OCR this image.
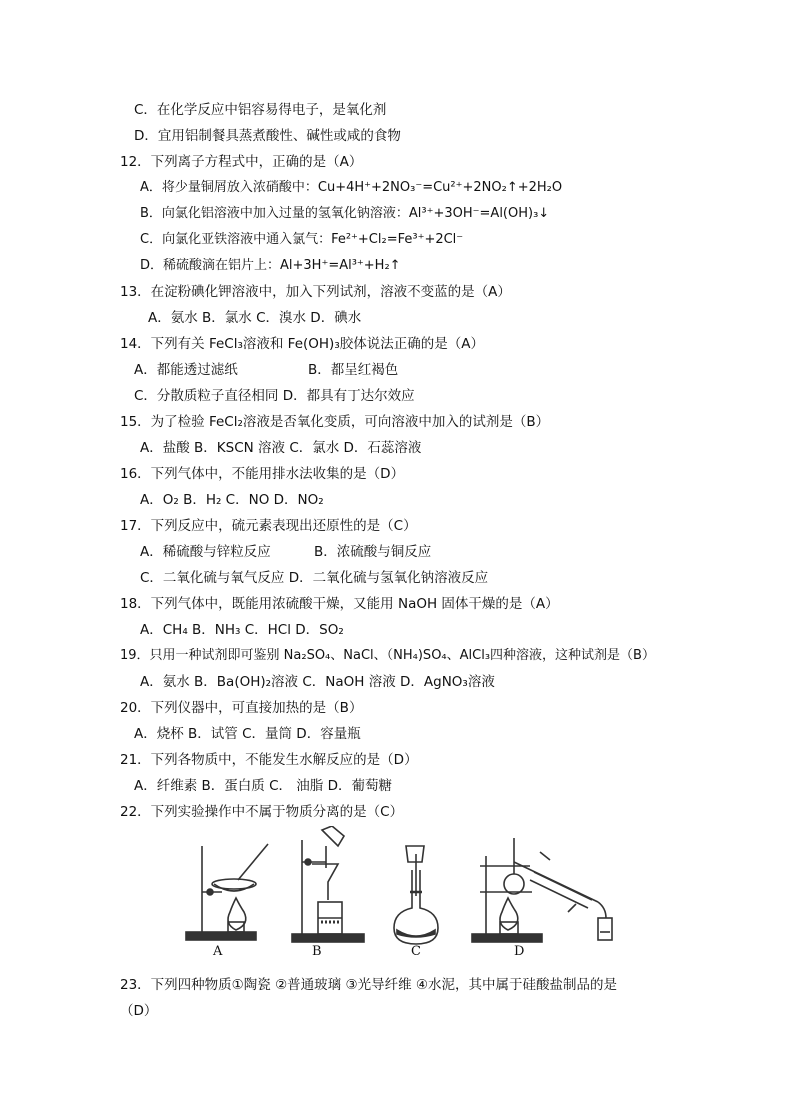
C．在化学反应中铝容易得电子，是氧化剂
D．宜用铝制餐具蒸煮酸性、碱性或咸的食物
12．下列离子方程式中，正确的是（A）
A．将少量铜屑放入浓硝酸中：Cu+4H⁺+2NO₃⁻=Cu²⁺+2NO₂↑+2H₂O
B．向氯化铝溶液中加入过量的氢氧化钠溶液：Al³⁺+3OH⁻=Al(OH)₃↓
C．向氯化亚铁溶液中通入氯气：Fe²⁺+Cl₂=Fe³⁺+2Cl⁻
D．稀硫酸滴在铝片上：Al+3H⁺=Al³⁺+H₂↑
13．在淀粉碘化钾溶液中，加入下列试剂，溶液不变蓝的是（A）
A．氨水 B．氯水 C．溴水 D．碘水
14．下列有关 FeCl₃溶液和 Fe(OH)₃胶体说法正确的是（A）
A．都能透过滤纸	B．都呈红褐色
C．分散质粒子直径相同 D．都具有丁达尔效应
15．为了检验 FeCl₂溶液是否氧化变质，可向溶液中加入的试剂是（B）
A．盐酸 B．KSCN 溶液 C．氯水 D．石蕊溶液
16．下列气体中，不能用排水法收集的是（D）
A．O₂ B．H₂ C．NO D．NO₂
17．下列反应中，硫元素表现出还原性的是（C）
A．稀硫酸与锌粒反应	B．浓硫酸与铜反应
C．二氧化硫与氧气反应 D．二氧化硫与氢氧化钠溶液反应
18．下列气体中，既能用浓硫酸干燥，又能用 NaOH 固体干燥的是（A）
A．CH₄ B．NH₃ C．HCl D．SO₂
19．只用一种试剂即可鉴别 Na₂SO₄、NaCl、（NH₄)SO₄、AlCl₃四种溶液，这种试剂是（B）
A．氨水 B．Ba(OH)₂溶液 C．NaOH 溶液 D．AgNO₃溶液
20．下列仪器中，可直接加热的是（B）
A．烧杯 B．试管 C．量筒 D．容量瓶
21．下列各物质中，不能发生水解反应的是（D）
A．纤维素 B．蛋白质 C． 油脂 D．葡萄糖
22．下列实验操作中不属于物质分离的是（C）
A	B	C	D
23．下列四种物质①陶瓷 ②普通玻璃 ③光导纤维 ④水泥，其中属于硅酸盐制品的是
（D）
